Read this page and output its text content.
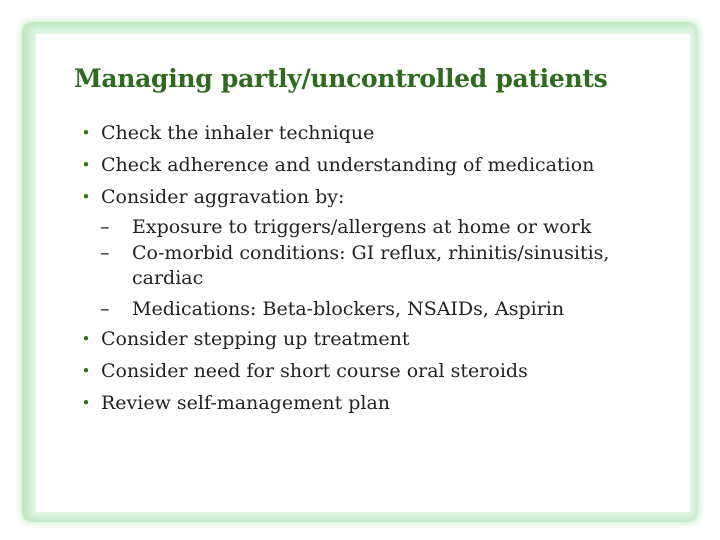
Managing partly/uncontrolled patients
• Check the inhaler technique
• Check adherence and understanding of medication
• Consider aggravation by:
– Exposure to triggers/allergens at home or work
– Co-morbid conditions: GI reflux, rhinitis/sinusitis, cardiac
– Medications: Beta-blockers, NSAIDs, Aspirin
• Consider stepping up treatment
• Consider need for short course oral steroids
• Review self-management plan
